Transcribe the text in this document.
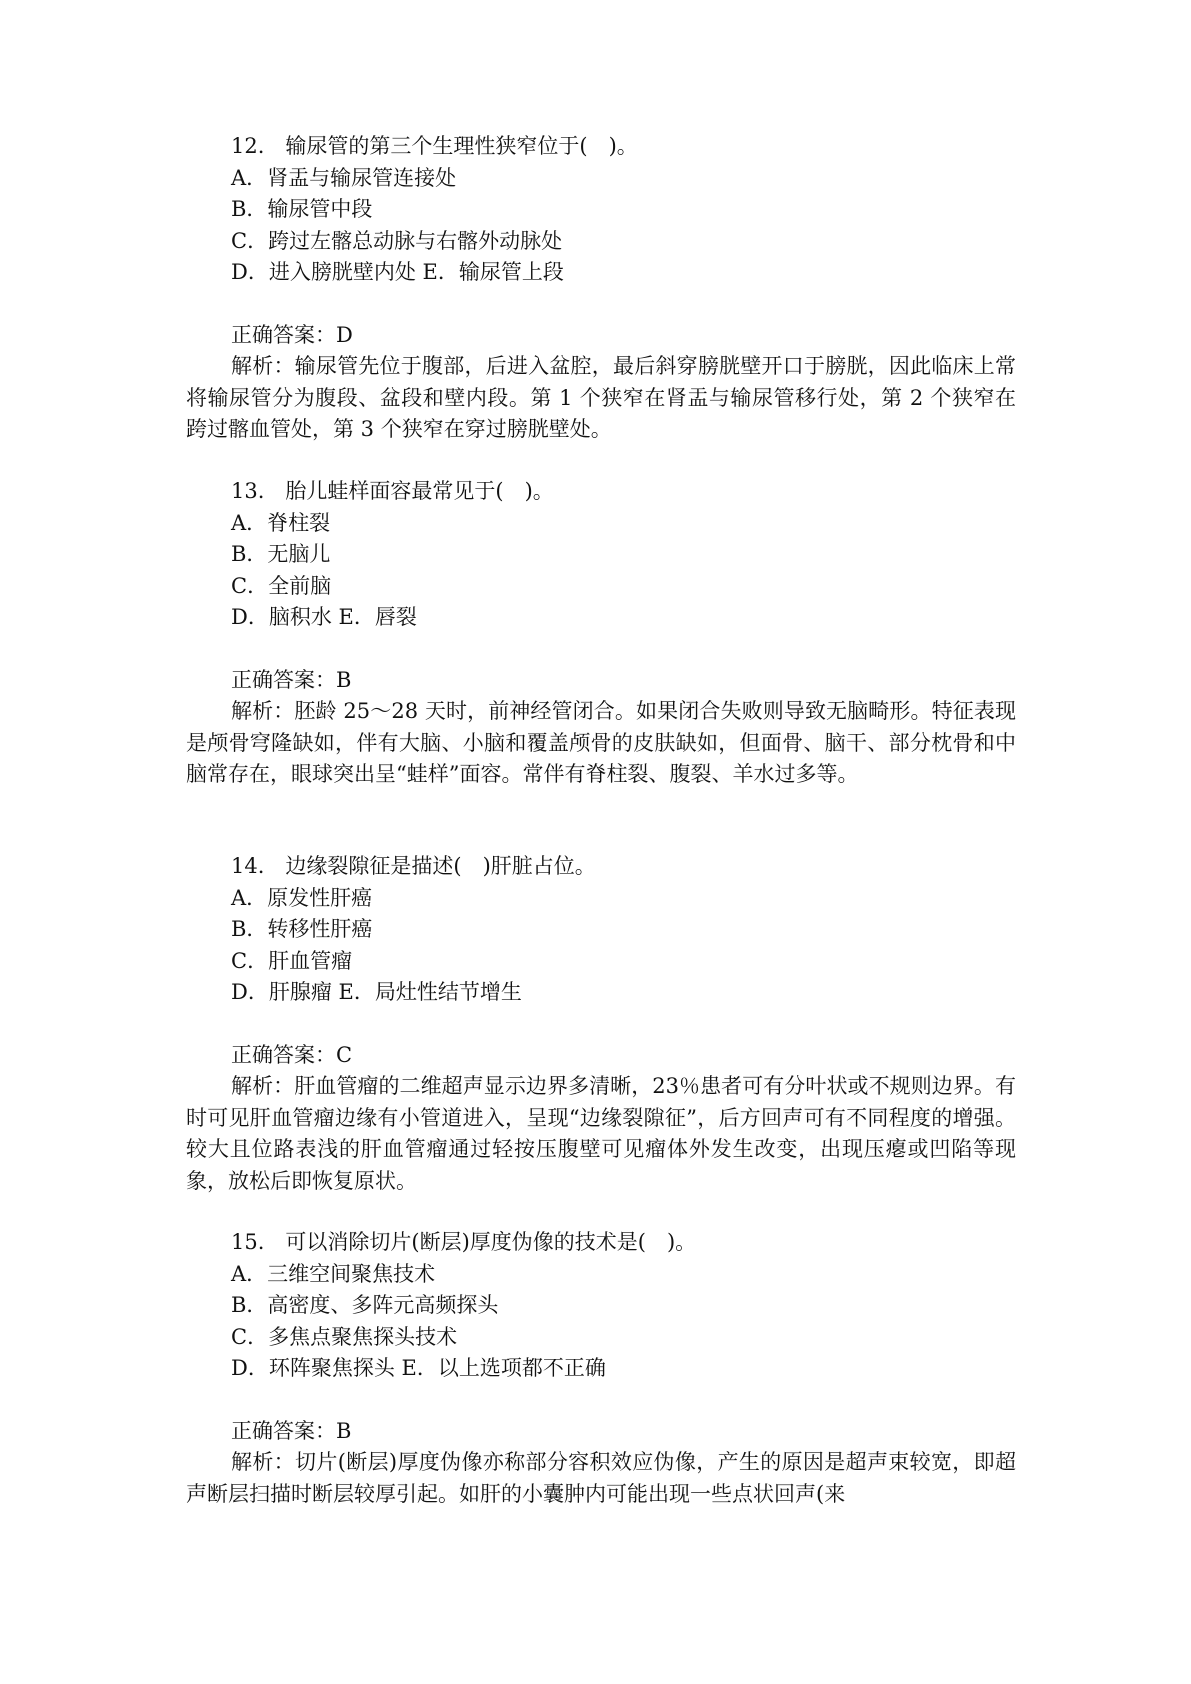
12.　输尿管的第三个生理性狭窄位于(　)。
A．肾盂与输尿管连接处
B．输尿管中段
C．跨过左髂总动脉与右髂外动脉处
D．进入膀胱壁内处 E．输尿管上段
正确答案：D
解析：输尿管先位于腹部，后进入盆腔，最后斜穿膀胱壁开口于膀胱，因此临床上常将输尿管分为腹段、盆段和壁内段。第 1 个狭窄在肾盂与输尿管移行处，第 2 个狭窄在跨过髂血管处，第 3 个狭窄在穿过膀胱壁处。
13.　胎儿蛙样面容最常见于(　)。
A．脊柱裂
B．无脑儿
C．全前脑
D．脑积水 E．唇裂
正确答案：B
解析：胚龄 25～28 天时，前神经管闭合。如果闭合失败则导致无脑畸形。特征表现是颅骨穹隆缺如，伴有大脑、小脑和覆盖颅骨的皮肤缺如，但面骨、脑干、部分枕骨和中脑常存在，眼球突出呈“蛙样”面容。常伴有脊柱裂、腹裂、羊水过多等。
14.　边缘裂隙征是描述(　)肝脏占位。
A．原发性肝癌
B．转移性肝癌
C．肝血管瘤
D．肝腺瘤 E．局灶性结节增生
正确答案：C
解析：肝血管瘤的二维超声显示边界多清晰，23％患者可有分叶状或不规则边界。有时可见肝血管瘤边缘有小管道进入，呈现“边缘裂隙征”，后方回声可有不同程度的增强。较大且位路表浅的肝血管瘤通过轻按压腹壁可见瘤体外发生改变，出现压瘪或凹陷等现象，放松后即恢复原状。
15.　可以消除切片(断层)厚度伪像的技术是(　)。
A．三维空间聚焦技术
B．高密度、多阵元高频探头
C．多焦点聚焦探头技术
D．环阵聚焦探头 E．以上选项都不正确
正确答案：B
解析：切片(断层)厚度伪像亦称部分容积效应伪像，产生的原因是超声束较宽，即超声断层扫描时断层较厚引起。如肝的小囊肿内可能出现一些点状回声(来
